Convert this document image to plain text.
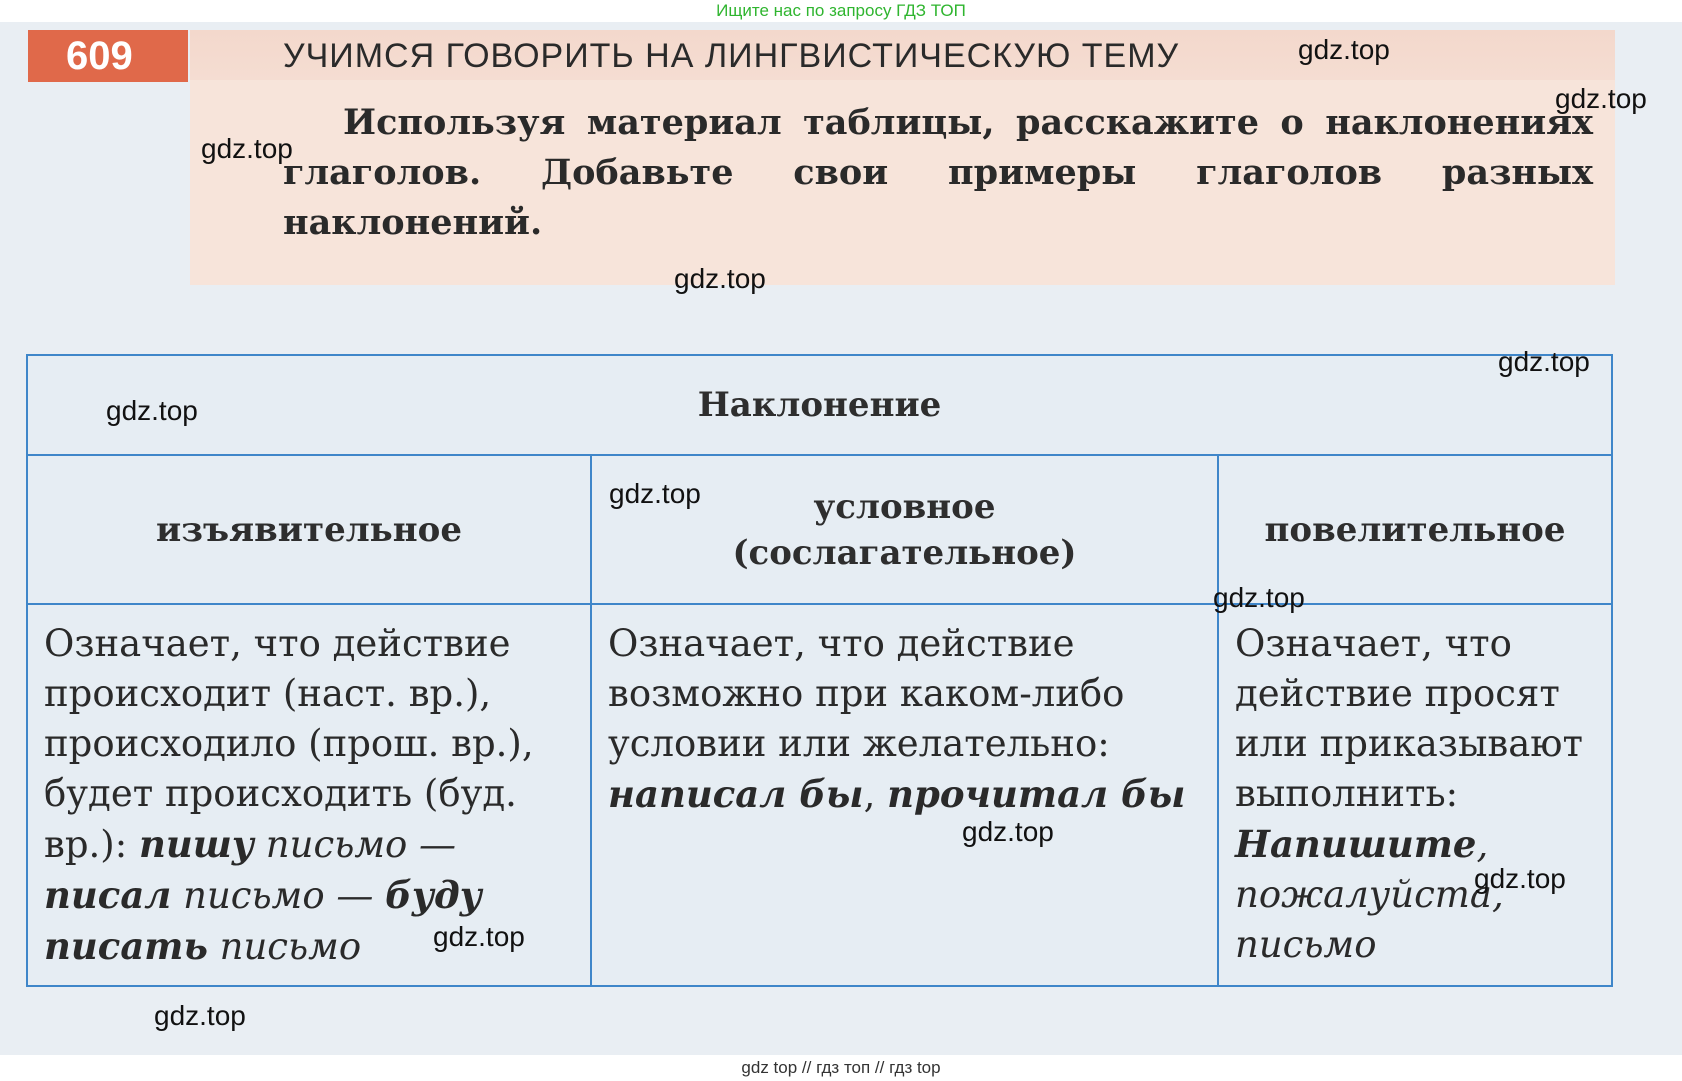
Ищите нас по запросу ГДЗ ТОП
609	УЧИМСЯ ГОВОРИТЬ НА ЛИНГВИСТИЧЕСКУЮ ТЕМУ
Используя материал таблицы, расскажите о наклонениях глаголов. Добавьте свои примеры глаголов разных наклонений.
Наклонение		
изъявительное	условное (сослагательное)	повелительное
Означает, что действие происходит (наст. вр.), происходило (прош. вр.), будет происходить (буд. вр.): пишу письмо — писал письмо — буду писать письмо	Означает, что действие возможно при каком-либо условии или желательно: написал бы, прочитал бы	Означает, что действие просят или приказывают выполнить: Напишите, пожалуйста, письмо
gdz.top
gdz.top
gdz.top
gdz.top
gdz.top
gdz.top
gdz.top
gdz.top
gdz.top
gdz.top
gdz.top
gdz.top
gdz top // гдз топ // гдз top
